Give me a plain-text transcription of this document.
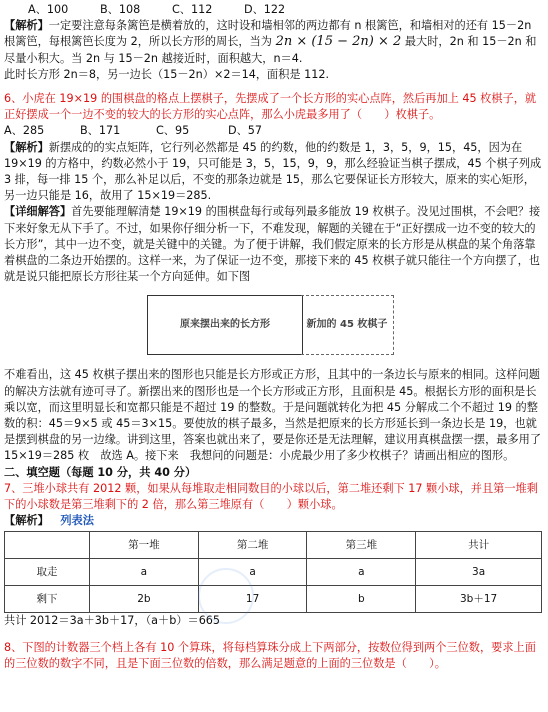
A、100	B、108	C、112	D、122

【解析】一定要注意每条篱笆是横着放的，这时设和墙相邻的两边都有 n 根篱笆，和墙相对的还有 15－2n 根篱笆，每根篱笆长度为 2，所以长方形的周长，当为 2n × (15 − 2n) × 2 最大时，2n 和 15－2n 和尽量小积大。当 2n 与 15－2n 越接近时，面积越大，n＝4.

此时长方形 2n＝8，另一边长（15－2n）×2＝14，面积是 112.

6、小虎在 19×19 的围棋盘的格点上摆棋子，先摆成了一个长方形的实心点阵，然后再加上 45 枚棋子，就正好摆成一个一边不变的较大的长方形的实心点阵，那么小虎最多用了（　　）枚棋子。

A、285	B、171	C、95	D、57

【解析】新摆成的的实点矩阵，它行列必然都是 45 的约数，他的约数是 1，3，5，9，15，45，因为在 19×19 的方格中，约数必然小于 19，只可能是 3，5，15，9，9，那么经验证当棋子摆成，45 个棋子列成 3 排，每一排 15 个，那么补足以后，不变的那条边就是 15，那么它要保证长方形较大，原来的实心矩形，另一边只能是 16，故用了 15×19＝285.

【详细解答】首先要能理解清楚 19×19 的围棋盘每行或每列最多能放 19 枚棋子。没见过围棋，不会吧？接下来好象无从下手了。不过，如果你仔细分析一下，不难发现，解题的关键在于“正好摆成一边不变的较大的长方形”，其中一边不变，就是关键中的关键。为了便于讲解，我们假定原来的长方形是从棋盘的某个角落靠着棋盘的二条边开始摆的。这样一来，为了保证一边不变，那接下来的 45 枚棋子就只能往一个方向摆了，也就是说只能把原长方形往某一个方向延伸。如下图

原来摆出来的长方形	新加的 45 枚棋子

不难看出，这 45 枚棋子摆出来的图形也只能是长方形或正方形，且其中的一条边长与原来的相同。这样问题的解决方法就有迹可寻了。新摆出来的图形也是一个长方形或正方形，且面积是 45。根据长方形的面积是长乘以宽，而这里明显长和宽都只能是不超过 19 的整数。于是问题就转化为把 45 分解成二个不超过 19 的整数的积：45＝9×5 或 45＝3×15。要使放的棋子最多，当然是把原来的长方形延长到一条边长是 19，也就是摆到棋盘的另一边缘。讲到这里，答案也就出来了，要是你还是无法理解，建议用真棋盘摆一摆，最多用了 15×19＝285 枚　故选 A。接下来　我想问的问题是：小虎最少用了多少枚棋子？请画出相应的图形。

二、填空题（每题 10 分，共 40 分）

7、三堆小球共有 2012 颗，如果从每堆取走相同数目的小球以后，第二堆还剩下 17 颗小球，并且第一堆剩下的小球数是第三堆剩下的 2 倍，那么第三堆原有（　　）颗小球。

【解析】 列表法

	第一堆	第二堆	第三堆	共计
取走	a	a	a	3a
剩下	2b	17	b	3b＋17

共计 2012＝3a＋3b＋17，（a＋b）＝665

8、下图的计数器三个档上各有 10 个算珠，将每档算珠分成上下两部分，按数位得到两个三位数，要求上面的三位数的数字不同，且是下面三位数的倍数，那么满足题意的上面的三位数是（　　）。
